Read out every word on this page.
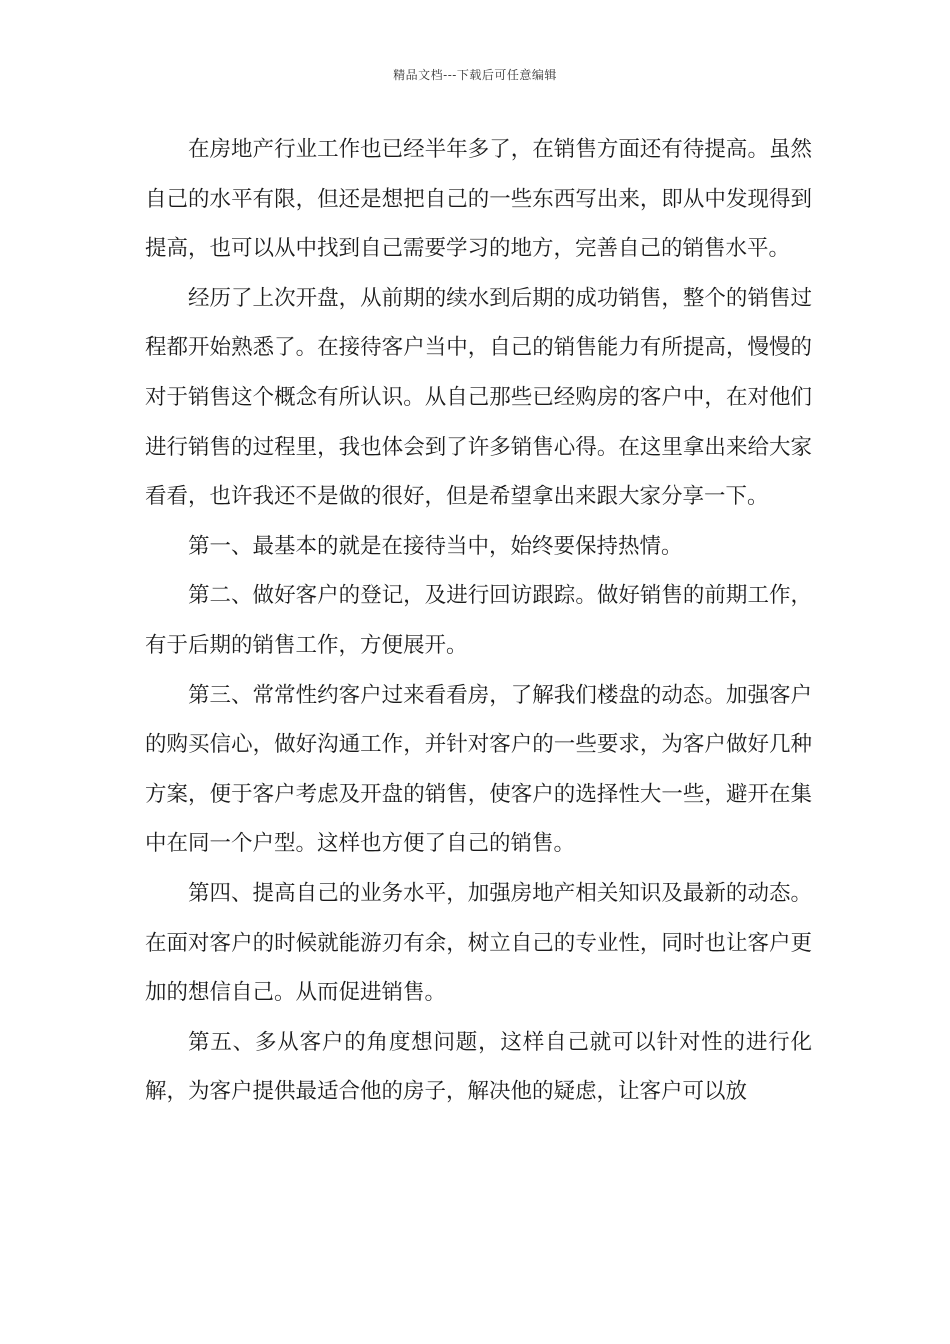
精品文档---下载后可任意编辑

在房地产行业工作也已经半年多了，在销售方面还有待提高。虽然自己的水平有限，但还是想把自己的一些东西写出来，即从中发现得到提高，也可以从中找到自己需要学习的地方，完善自己的销售水平。

经历了上次开盘，从前期的续水到后期的成功销售，整个的销售过程都开始熟悉了。在接待客户当中，自己的销售能力有所提高，慢慢的对于销售这个概念有所认识。从自己那些已经购房的客户中，在对他们进行销售的过程里，我也体会到了许多销售心得。在这里拿出来给大家看看，也许我还不是做的很好，但是希望拿出来跟大家分享一下。

第一、最基本的就是在接待当中，始终要保持热情。

第二、做好客户的登记，及进行回访跟踪。做好销售的前期工作，有于后期的销售工作，方便展开。

第三、常常性约客户过来看看房，了解我们楼盘的动态。加强客户的购买信心，做好沟通工作，并针对客户的一些要求，为客户做好几种方案，便于客户考虑及开盘的销售，使客户的选择性大一些，避开在集中在同一个户型。这样也方便了自己的销售。

第四、提高自己的业务水平，加强房地产相关知识及最新的动态。在面对客户的时候就能游刃有余，树立自己的专业性，同时也让客户更加的想信自己。从而促进销售。

第五、多从客户的角度想问题，这样自己就可以针对性的进行化解，为客户提供最适合他的房子，解决他的疑虑，让客户可以放
